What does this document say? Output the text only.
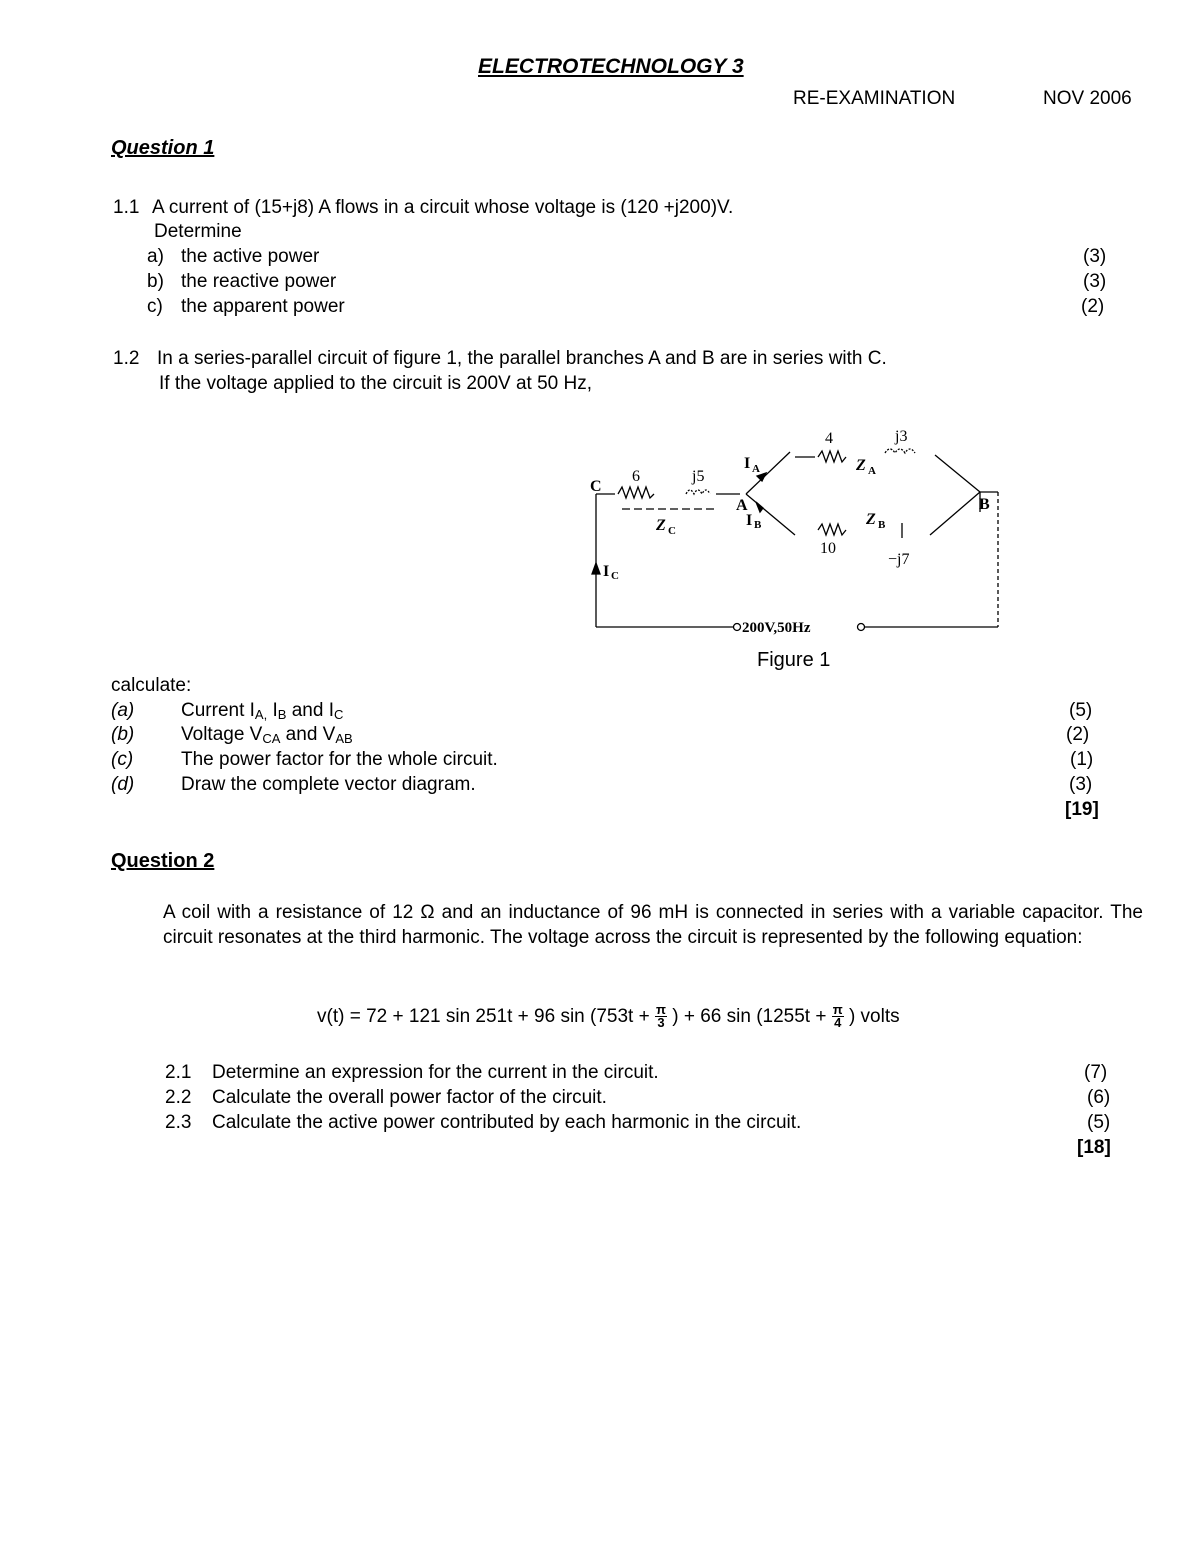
ELECTROTECHNOLOGY 3
RE-EXAMINATION	NOV 2006
Question 1
1.1 A current of (15+j8) A flows in a circuit whose voltage is (120 +j200)V.
Determine
a) the active power	(3)
b) the reactive power	(3)
c) the apparent power	(2)
1.2 In a series-parallel circuit of figure 1, the parallel branches A and B are in series with C.
If the voltage applied to the circuit is 200V at 50 Hz,
C
6	j5
Z C
A
I A
I B
4	j3
Z A
Z B
10
−j7
B
I C
200V,50Hz
Figure 1
calculate:
(a) Current $I_{A,}$ $I_B$ and $I_C$	(5)
(b) Voltage $V_{CA}$ and $V_{AB}$	(2)
(c)	The power factor for the whole circuit.	(1)
(d) Draw the complete vector diagram.	(3)
[19]
Question 2
A coil with a resistance of 12 Ω and an inductance of 96 mH is connected in series with a variable capacitor. The circuit resonates at the third harmonic. The voltage across the circuit is represented by the following equation:
v(t) = 72 + 121 sin 251t + 96 $\sin (753t + \frac{\pi}{3}$ ) + 66 $\sin (1255t + \frac{\pi}{4}$ ) volts
2.1 Determine an expression for the current in the circuit.	(7)
2.2 Calculate the overall power factor of the circuit.	(6)
2.3 Calculate the active power contributed by each harmonic in the circuit.	(5)
[18]
